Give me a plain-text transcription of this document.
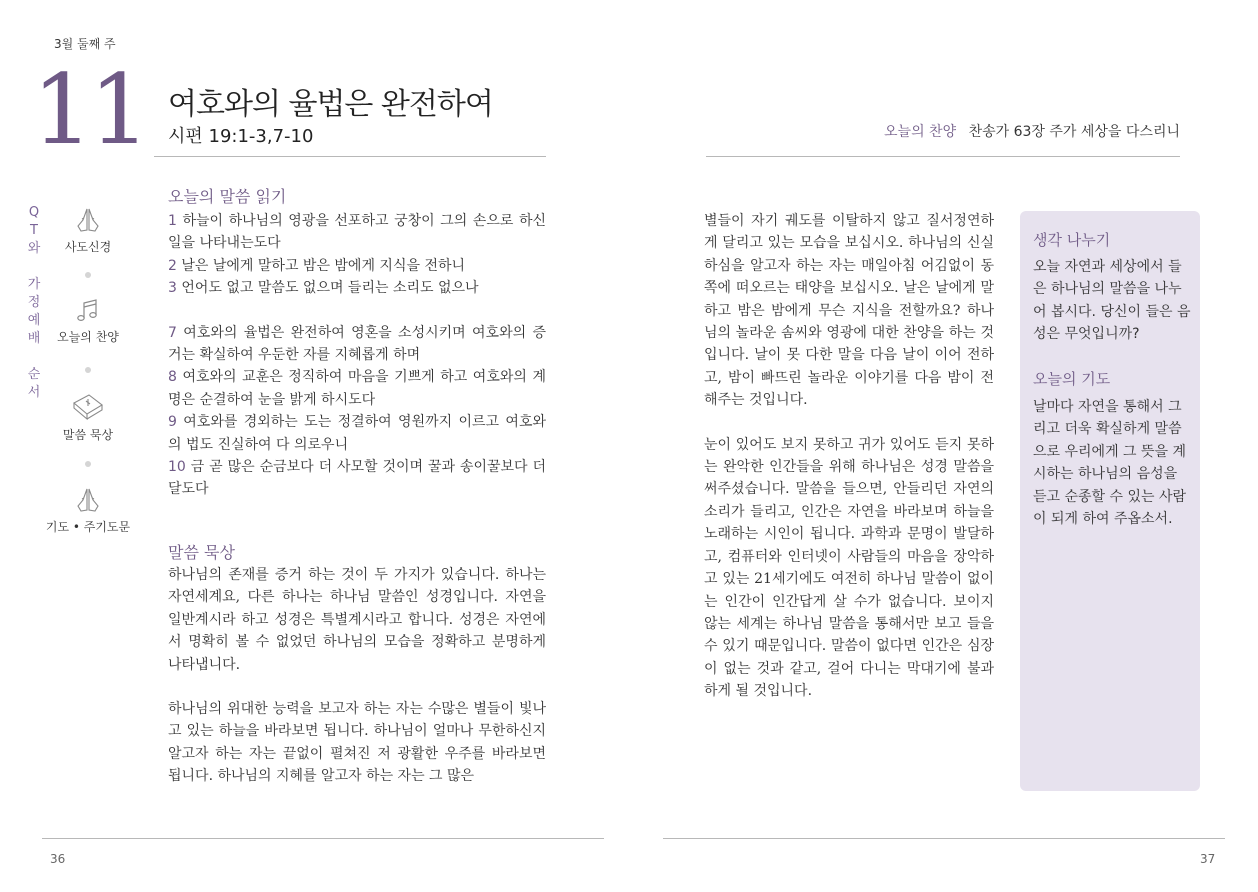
3월 둘째 주
11 여호와의 율법은 완전하여
시편 19:1-3,7-10	오늘의 찬양 찬송가 63장 주가 세상을 다스리니
Q
T
와

가
정
예
배

순
서
사도신경
오늘의 찬양
말씀 묵상
기도 • 주기도문
오늘의 말씀 읽기

1 하늘이 하나님의 영광을 선포하고 궁창이 그의 손으로 하신 일을 나타내는도다
2 날은 날에게 말하고 밤은 밤에게 지식을 전하니
3 언어도 없고 말씀도 없으며 들리는 소리도 없으나

7 여호와의 율법은 완전하여 영혼을 소성시키며 여호와의 증거는 확실하여 우둔한 자를 지혜롭게 하며
8 여호와의 교훈은 정직하여 마음을 기쁘게 하고 여호와의 계명은 순결하여 눈을 밝게 하시도다
9 여호와를 경외하는 도는 정결하여 영원까지 이르고 여호와의 법도 진실하여 다 의로우니
10 금 곧 많은 순금보다 더 사모할 것이며 꿀과 송이꿀보다 더 달도다

말씀 묵상

하나님의 존재를 증거 하는 것이 두 가지가 있습니다. 하나는 자연세계요, 다른 하나는 하나님 말씀인 성경입니다. 자연을 일반계시라 하고 성경은 특별계시라고 합니다. 성경은 자연에서 명확히 볼 수 없었던 하나님의 모습을 정확하고 분명하게 나타냅니다.

하나님의 위대한 능력을 보고자 하는 자는 수많은 별들이 빛나고 있는 하늘을 바라보면 됩니다. 하나님이 얼마나 무한하신지 알고자 하는 자는 끝없이 펼쳐진 저 광활한 우주를 바라보면 됩니다. 하나님의 지혜를 알고자 하는 자는 그 많은

별들이 자기 궤도를 이탈하지 않고 질서정연하게 달리고 있는 모습을 보십시오. 하나님의 신실하심을 알고자 하는 자는 매일아침 어김없이 동쪽에 떠오르는 태양을 보십시오. 날은 날에게 말하고 밤은 밤에게 무슨 지식을 전할까요? 하나님의 놀라운 솜씨와 영광에 대한 찬양을 하는 것입니다. 날이 못 다한 말을 다음 날이 이어 전하고, 밤이 빠뜨린 놀라운 이야기를 다음 밤이 전해주는 것입니다.

눈이 있어도 보지 못하고 귀가 있어도 듣지 못하는 완악한 인간들을 위해 하나님은 성경 말씀을 써주셨습니다. 말씀을 들으면, 안들리던 자연의 소리가 들리고, 인간은 자연을 바라보며 하늘을 노래하는 시인이 됩니다. 과학과 문명이 발달하고, 컴퓨터와 인터넷이 사람들의 마음을 장악하고 있는 21세기에도 여전히 하나님 말씀이 없이는 인간이 인간답게 살 수가 없습니다. 보이지 않는 세계는 하나님 말씀을 통해서만 보고 들을 수 있기 때문입니다. 말씀이 없다면 인간은 심장이 없는 것과 같고, 걸어 다니는 막대기에 불과하게 될 것입니다.

생각 나누기
오늘 자연과 세상에서 들은 하나님의 말씀을 나누어 봅시다. 당신이 들은 음성은 무엇입니까?
오늘의 기도
날마다 자연을 통해서 그리고 더욱 확실하게 말씀으로 우리에게 그 뜻을 계시하는 하나님의 음성을 듣고 순종할 수 있는 사람이 되게 하여 주옵소서.
36	37
